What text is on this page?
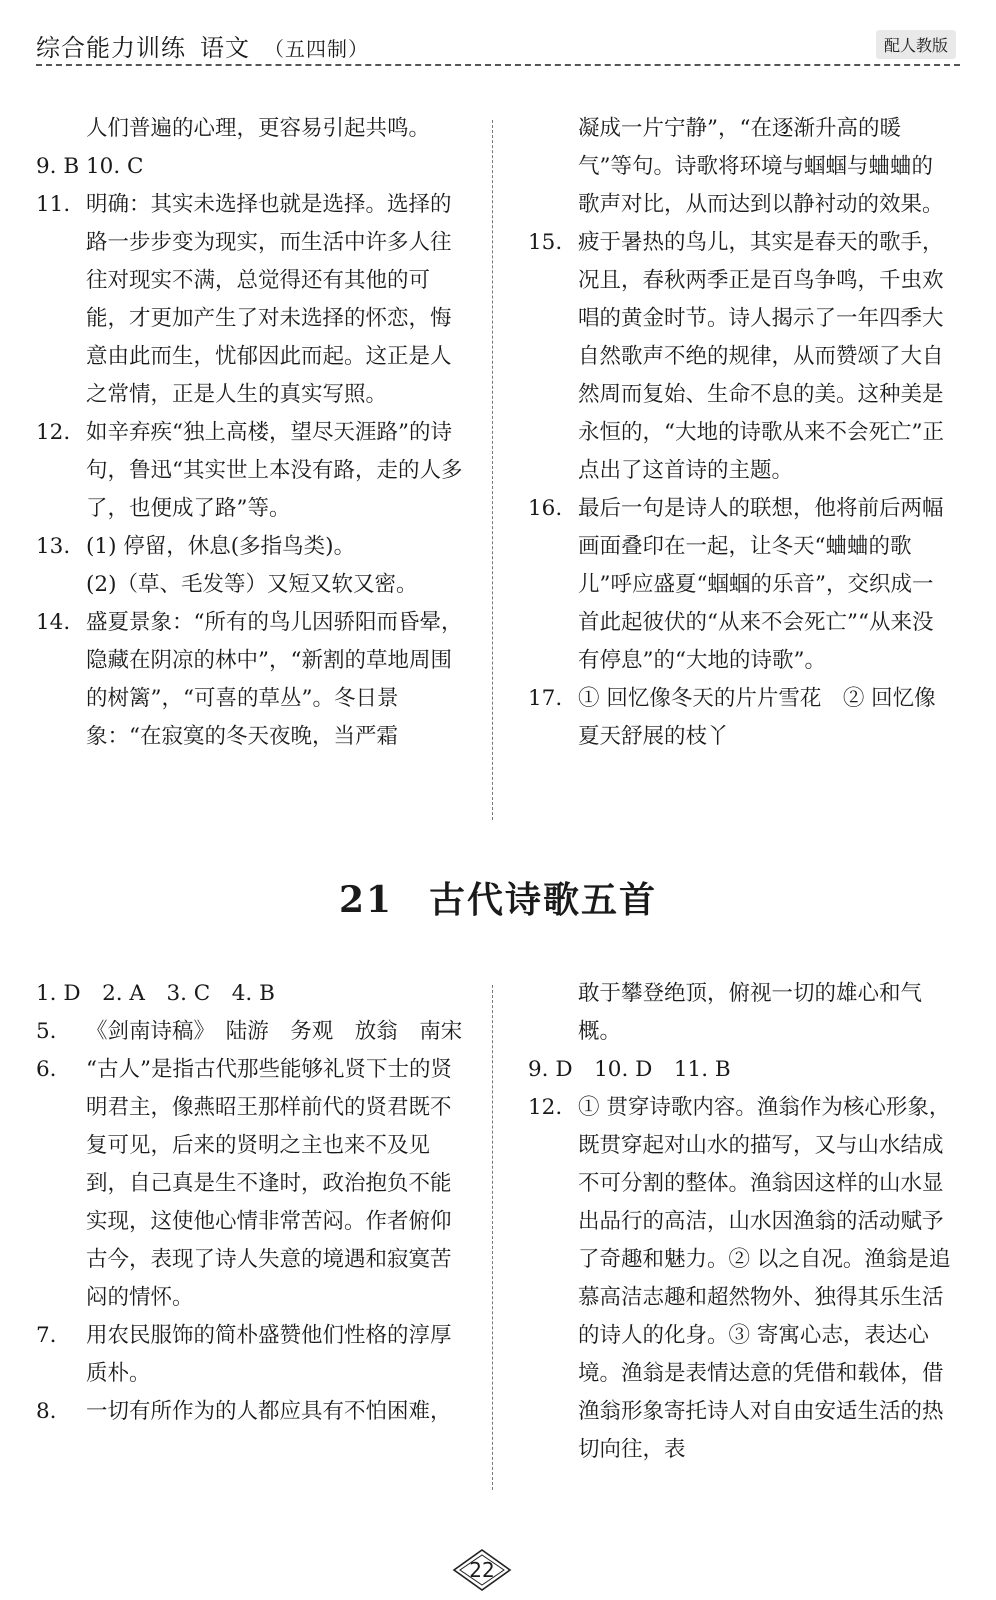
综合能力训练 语文 （五四制）	配人教版
人们普遍的心理，更容易引起共鸣。
9. B 10. C
11. 明确：其实未选择也就是选择。选择的路一步步变为现实，而生活中许多人往往对现实不满，总觉得还有其他的可能，才更加产生了对未选择的怀恋，悔意由此而生，忧郁因此而起。这正是人之常情，正是人生的真实写照。
12. 如辛弃疾“独上高楼，望尽天涯路”的诗句，鲁迅“其实世上本没有路，走的人多了，也便成了路”等。
13. (1) 停留，休息(多指鸟类)。
(2)（草、毛发等）又短又软又密。
14. 盛夏景象：“所有的鸟儿因骄阳而昏晕，隐藏在阴凉的林中”，“新割的草地周围的树篱”，“可喜的草丛”。冬日景象：“在寂寞的冬天夜晚，当严霜
凝成一片宁静”，“在逐渐升高的暖气”等句。诗歌将环境与蝈蝈与蛐蛐的歌声对比，从而达到以静衬动的效果。
15. 疲于暑热的鸟儿，其实是春天的歌手，况且，春秋两季正是百鸟争鸣，千虫欢唱的黄金时节。诗人揭示了一年四季大自然歌声不绝的规律，从而赞颂了大自然周而复始、生命不息的美。这种美是永恒的，“大地的诗歌从来不会死亡”正点出了这首诗的主题。
16. 最后一句是诗人的联想，他将前后两幅画面叠印在一起，让冬天“蛐蛐的歌儿”呼应盛夏“蝈蝈的乐音”，交织成一首此起彼伏的“从来不会死亡”“从来没有停息”的“大地的诗歌”。
17. ① 回忆像冬天的片片雪花　② 回忆像夏天舒展的枝丫
21 古代诗歌五首
1. D　2. A　3. C　4. B
5.	《剑南诗稿》　陆游　务观　放翁　南宋
6.	“古人”是指古代那些能够礼贤下士的贤明君主，像燕昭王那样前代的贤君既不复可见，后来的贤明之主也来不及见到，自己真是生不逢时，政治抱负不能实现，这使他心情非常苦闷。作者俯仰古今，表现了诗人失意的境遇和寂寞苦闷的情怀。
7.	用农民服饰的简朴盛赞他们性格的淳厚质朴。
8.	一切有所作为的人都应具有不怕困难，
敢于攀登绝顶，俯视一切的雄心和气概。
9. D　10. D　11. B
12. ① 贯穿诗歌内容。渔翁作为核心形象，既贯穿起对山水的描写，又与山水结成不可分割的整体。渔翁因这样的山水显出品行的高洁，山水因渔翁的活动赋予了奇趣和魅力。② 以之自况。渔翁是追慕高洁志趣和超然物外、独得其乐生活的诗人的化身。③ 寄寓心志，表达心境。渔翁是表情达意的凭借和载体，借渔翁形象寄托诗人对自由安适生活的热切向往，表
22
